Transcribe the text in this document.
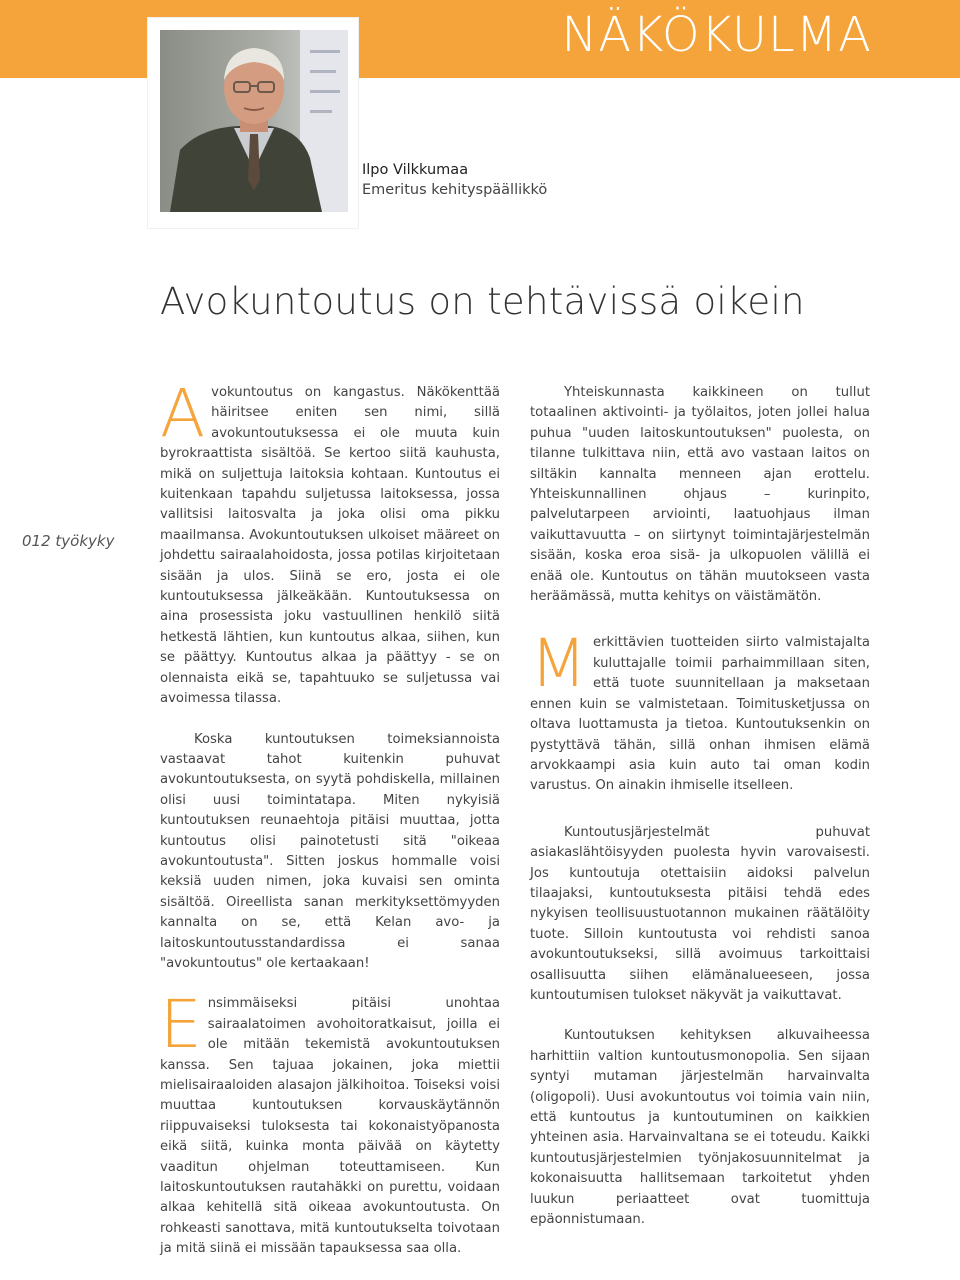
NÄKÖKULMA
Ilpo Vilkkumaa
Emeritus kehityspäällikkö
Avokuntoutus on tehtävissä oikein
012 työkyky

Avokuntoutus on kangastus. Näkökenttää häiritsee eniten sen nimi, sillä avokuntoutuksessa ei ole muuta kuin byrokraattista sisältöä. Se kertoo siitä kauhusta, mikä on suljettuja laitoksia kohtaan. Kuntoutus ei kuitenkaan tapahdu suljetussa laitoksessa, jossa vallitsisi laitosvalta ja joka olisi oma pikku maailmansa. Avokuntoutuksen ulkoiset määreet on johdettu sairaalahoidosta, jossa potilas kirjoitetaan sisään ja ulos. Siinä se ero, josta ei ole kuntoutuksessa jälkeäkään. Kuntoutuksessa on aina prosessista joku vastuullinen henkilö siitä hetkestä lähtien, kun kuntoutus alkaa, siihen, kun se päättyy. Kuntoutus alkaa ja päättyy - se on olennaista eikä se, tapahtuuko se suljetussa vai avoimessa tilassa.

Koska kuntoutuksen toimeksiannoista vastaavat tahot kuitenkin puhuvat avokuntoutuksesta, on syytä pohdiskella, millainen olisi uusi toimintatapa. Miten nykyisiä kuntoutuksen reunaehtoja pitäisi muuttaa, jotta kuntoutus olisi painotetusti sitä "oikeaa avokuntoutusta". Sitten joskus hommalle voisi keksiä uuden nimen, joka kuvaisi sen ominta sisältöä. Oireellista sanan merkityksettömyyden kannalta on se, että Kelan avo- ja laitoskuntoutusstandardissa ei sanaa "avokuntoutus" ole kertaakaan!

Ensimmäiseksi pitäisi unohtaa sairaalatoimen avohoitoratkaisut, joilla ei ole mitään tekemistä avokuntoutuksen kanssa. Sen tajuaa jokainen, joka miettii mielisairaaloiden alasajon jälkihoitoa. Toiseksi voisi muuttaa kuntoutuksen korvauskäytännön riippuvaiseksi tuloksesta tai kokonaistyöpanosta eikä siitä, kuinka monta päivää on käytetty vaaditun ohjelman toteuttamiseen. Kun laitoskuntoutuksen rautahäkki on purettu, voidaan alkaa kehitellä sitä oikeaa avokuntoutusta. On rohkeasti sanottava, mitä kuntoutukselta toivotaan ja mitä siinä ei missään tapauksessa saa olla.

Yhteiskunnasta kaikkineen on tullut totaalinen aktivointi- ja työlaitos, joten jollei halua puhua "uuden laitoskuntoutuksen" puolesta, on tilanne tulkittava niin, että avo vastaan laitos on siltäkin kannalta menneen ajan erottelu. Yhteiskunnallinen ohjaus – kurinpito, palvelutarpeen arviointi, laatuohjaus ilman vaikuttavuutta – on siirtynyt toimintajärjestelmän sisään, koska eroa sisä- ja ulkopuolen välillä ei enää ole. Kuntoutus on tähän muutokseen vasta heräämässä, mutta kehitys on väistämätön.

Merkittävien tuotteiden siirto valmistajalta kuluttajalle toimii parhaimmillaan siten, että tuote suunnitellaan ja maksetaan ennen kuin se valmistetaan. Toimitusketjussa on oltava luottamusta ja tietoa. Kuntoutuksenkin on pystyttävä tähän, sillä onhan ihmisen elämä arvokkaampi asia kuin auto tai oman kodin varustus. On ainakin ihmiselle itselleen.

Kuntoutusjärjestelmät puhuvat asiakaslähtöisyyden puolesta hyvin varovaisesti. Jos kuntoutuja otettaisiin aidoksi palvelun tilaajaksi, kuntoutuksesta pitäisi tehdä edes nykyisen teollisuustuotannon mukainen räätälöity tuote. Silloin kuntoutusta voi rehdisti sanoa avokuntoutukseksi, sillä avoimuus tarkoittaisi osallisuutta siihen elämänalueeseen, jossa kuntoutumisen tulokset näkyvät ja vaikuttavat.

Kuntoutuksen kehityksen alkuvaiheessa harhittiin valtion kuntoutusmonopolia. Sen sijaan syntyi mutaman järjestelmän harvainvalta (oligopoli). Uusi avokuntoutus voi toimia vain niin, että kuntoutus ja kuntoutuminen on kaikkien yhteinen asia. Harvainvaltana se ei toteudu. Kaikki kuntoutusjärjestelmien työnjakosuunnitelmat ja kokonaisuutta hallitsemaan tarkoitetut yhden luukun periaatteet ovat tuomittuja epäonnistumaan.
